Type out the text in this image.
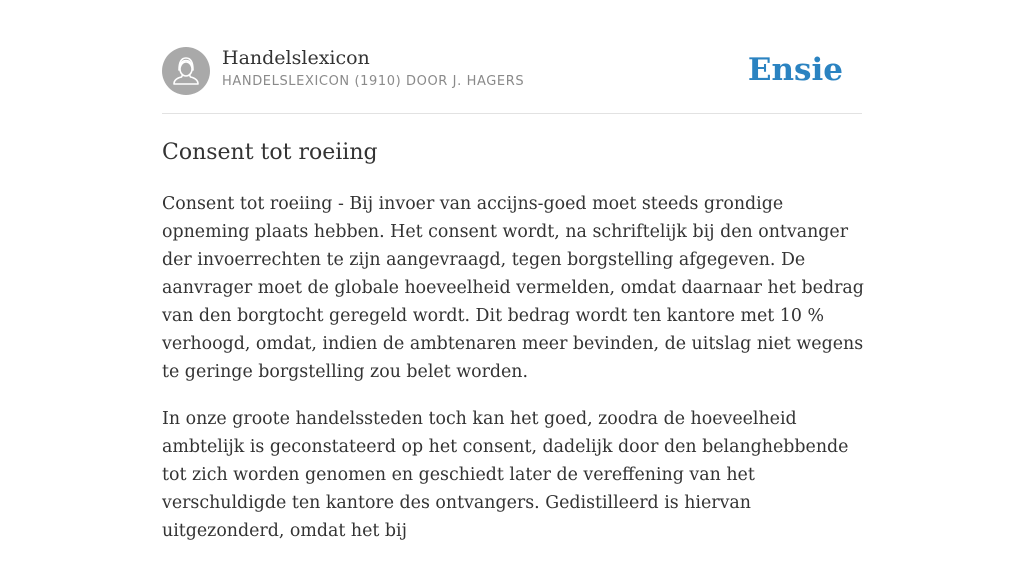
Handelslexicon
HANDELSLEXICON (1910) DOOR J. HAGERS	Ensie
Consent tot roeiing

Consent tot roeiing - Bij invoer van accijns-goed moet steeds grondige opneming plaats hebben. Het consent wordt, na schriftelijk bij den ontvanger der invoerrechten te zijn aangevraagd, tegen borgstelling afgegeven. De aanvrager moet de globale hoeveelheid vermelden, omdat daarnaar het bedrag van den borgtocht geregeld wordt. Dit bedrag wordt ten kantore met 10 % verhoogd, omdat, indien de ambtenaren meer bevinden, de uitslag niet wegens te geringe borgstelling zou belet worden.

In onze groote handelssteden toch kan het goed, zoodra de hoeveelheid ambtelijk is geconstateerd op het consent, dadelijk door den belanghebbende tot zich worden genomen en geschiedt later de vereffening van het verschuldigde ten kantore des ontvangers. Gedistilleerd is hiervan uitgezonderd, omdat het bij
